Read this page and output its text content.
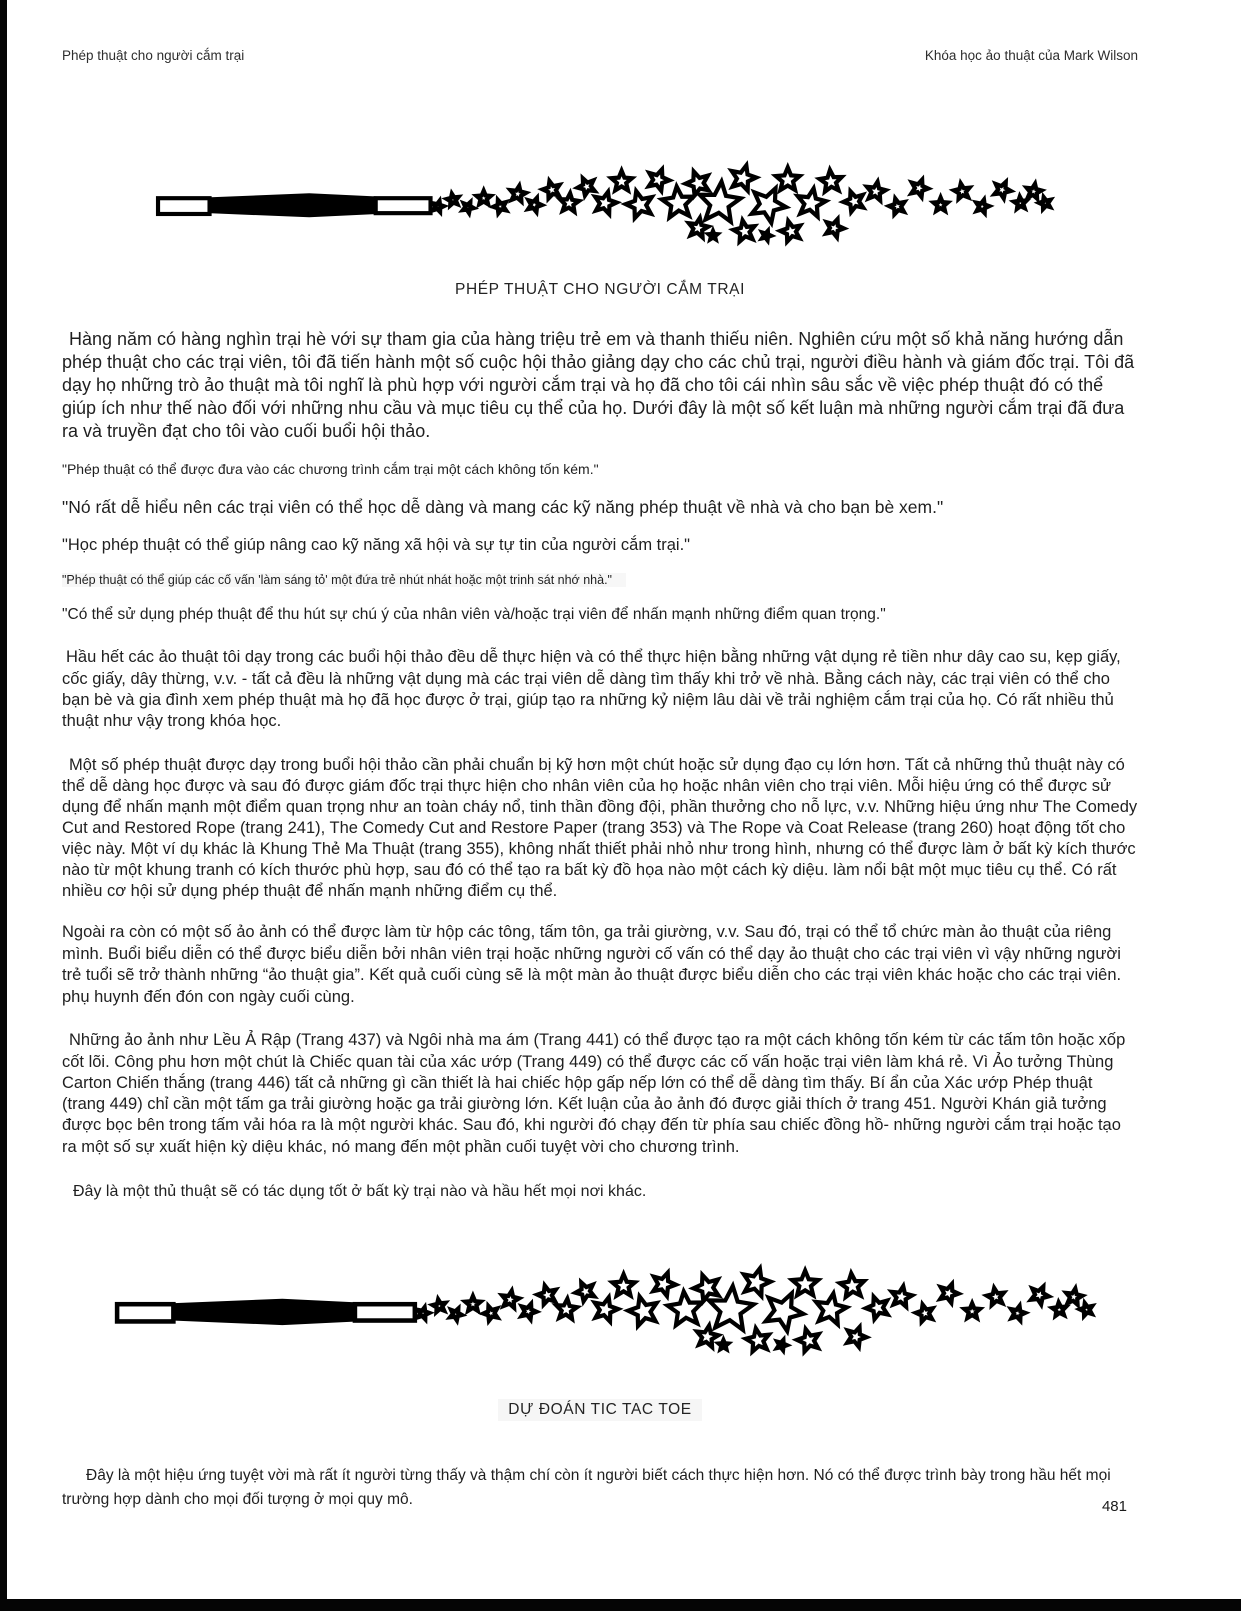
Phép thuật cho người cắm trại	Khóa học ảo thuật của Mark Wilson
PHÉP THUẬT CHO NGƯỜI CẮM TRẠI

Hàng năm có hàng nghìn trại hè với sự tham gia của hàng triệu trẻ em và thanh thiếu niên. Nghiên cứu một số khả năng hướng dẫn phép thuật cho các trại viên, tôi đã tiến hành một số cuộc hội thảo giảng dạy cho các chủ trại, người điều hành và giám đốc trại. Tôi đã dạy họ những trò ảo thuật mà tôi nghĩ là phù hợp với người cắm trại và họ đã cho tôi cái nhìn sâu sắc về việc phép thuật đó có thể giúp ích như thế nào đối với những nhu cầu và mục tiêu cụ thể của họ. Dưới đây là một số kết luận mà những người cắm trại đã đưa ra và truyền đạt cho tôi vào cuối buổi hội thảo.

"Phép thuật có thể được đưa vào các chương trình cắm trại một cách không tốn kém."

"Nó rất dễ hiểu nên các trại viên có thể học dễ dàng và mang các kỹ năng phép thuật về nhà và cho bạn bè xem."

"Học phép thuật có thể giúp nâng cao kỹ năng xã hội và sự tự tin của người cắm trại."

"Phép thuật có thể giúp các cố vấn 'làm sáng tỏ' một đứa trẻ nhút nhát hoặc một trinh sát nhớ nhà."

"Có thể sử dụng phép thuật để thu hút sự chú ý của nhân viên và/hoặc trại viên để nhấn mạnh những điểm quan trọng."

Hầu hết các ảo thuật tôi dạy trong các buổi hội thảo đều dễ thực hiện và có thể thực hiện bằng những vật dụng rẻ tiền như dây cao su, kẹp giấy, cốc giấy, dây thừng, v.v. - tất cả đều là những vật dụng mà các trại viên dễ dàng tìm thấy khi trở về nhà. Bằng cách này, các trại viên có thể cho bạn bè và gia đình xem phép thuật mà họ đã học được ở trại, giúp tạo ra những kỷ niệm lâu dài về trải nghiệm cắm trại của họ. Có rất nhiều thủ thuật như vậy trong khóa học.

Một số phép thuật được dạy trong buổi hội thảo cần phải chuẩn bị kỹ hơn một chút hoặc sử dụng đạo cụ lớn hơn. Tất cả những thủ thuật này có thể dễ dàng học được và sau đó được giám đốc trại thực hiện cho nhân viên của họ hoặc nhân viên cho trại viên. Mỗi hiệu ứng có thể được sử dụng để nhấn mạnh một điểm quan trọng như an toàn cháy nổ, tinh thần đồng đội, phần thưởng cho nỗ lực, v.v. Những hiệu ứng như The Comedy Cut and Restored Rope (trang 241), The Comedy Cut and Restore Paper (trang 353) và The Rope và Coat Release (trang 260) hoạt động tốt cho việc này. Một ví dụ khác là Khung Thẻ Ma Thuật (trang 355), không nhất thiết phải nhỏ như trong hình, nhưng có thể được làm ở bất kỳ kích thước nào từ một khung tranh có kích thước phù hợp, sau đó có thể tạo ra bất kỳ đồ họa nào một cách kỳ diệu. làm nổi bật một mục tiêu cụ thể. Có rất nhiều cơ hội sử dụng phép thuật để nhấn mạnh những điểm cụ thể.

Ngoài ra còn có một số ảo ảnh có thể được làm từ hộp các tông, tấm tôn, ga trải giường, v.v. Sau đó, trại có thể tổ chức màn ảo thuật của riêng mình. Buổi biểu diễn có thể được biểu diễn bởi nhân viên trại hoặc những người cố vấn có thể dạy ảo thuật cho các trại viên vì vậy những người trẻ tuổi sẽ trở thành những “ảo thuật gia”. Kết quả cuối cùng sẽ là một màn ảo thuật được biểu diễn cho các trại viên khác hoặc cho các trại viên. phụ huynh đến đón con ngày cuối cùng.

Những ảo ảnh như Lều Ả Rập (Trang 437) và Ngôi nhà ma ám (Trang 441) có thể được tạo ra một cách không tốn kém từ các tấm tôn hoặc xốp cốt lõi. Công phu hơn một chút là Chiếc quan tài của xác ướp (Trang 449) có thể được các cố vấn hoặc trại viên làm khá rẻ. Vì Ảo tưởng Thùng Carton Chiến thắng (trang 446) tất cả những gì cần thiết là hai chiếc hộp gấp nếp lớn có thể dễ dàng tìm thấy. Bí ẩn của Xác ướp Phép thuật (trang 449) chỉ cần một tấm ga trải giường hoặc ga trải giường lớn. Kết luận của ảo ảnh đó được giải thích ở trang 451. Người Khán giả tưởng được bọc bên trong tấm vải hóa ra là một người khác. Sau đó, khi người đó chạy đến từ phía sau chiếc đồng hồ- những người cắm trại hoặc tạo ra một số sự xuất hiện kỳ diệu khác, nó mang đến một phần cuối tuyệt vời cho chương trình.

Đây là một thủ thuật sẽ có tác dụng tốt ở bất kỳ trại nào và hầu hết mọi nơi khác.

DỰ ĐOÁN TIC TAC TOE

Đây là một hiệu ứng tuyệt vời mà rất ít người từng thấy và thậm chí còn ít người biết cách thực hiện hơn. Nó có thể được trình bày trong hầu hết mọi trường hợp dành cho mọi đối tượng ở mọi quy mô.	481
